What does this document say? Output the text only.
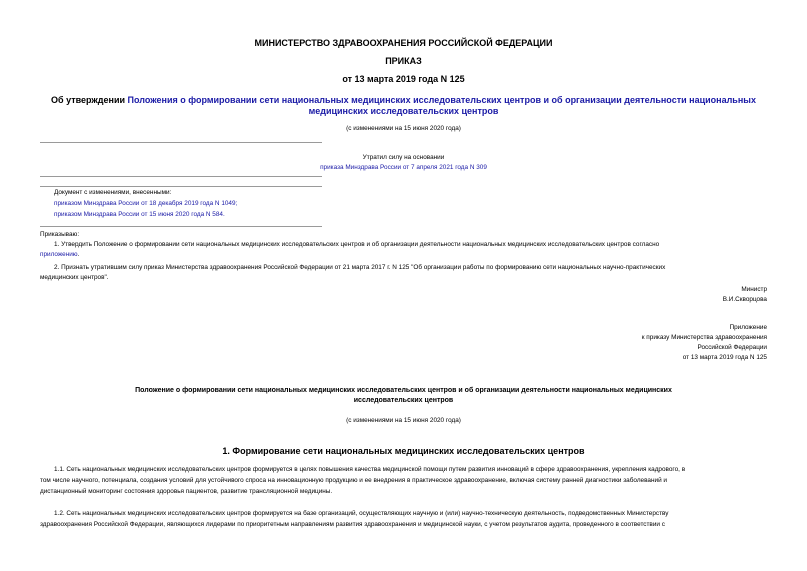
МИНИСТЕРСТВО ЗДРАВООХРАНЕНИЯ РОССИЙСКОЙ ФЕДЕРАЦИИ
ПРИКАЗ
от 13 марта 2019 года N 125
Об утверждении Положения о формировании сети национальных медицинских исследовательских центров и об организации деятельности национальных
медицинских исследовательских центров
(с изменениями на 15 июня 2020 года)
Утратил силу на основании
приказа Минздрава России от 7 апреля 2021 года N 309
Документ с изменениями, внесенными:
приказом Минздрава России от 18 декабря 2019 года N 1049;
приказом Минздрава России от 15 июня 2020 года N 584.
Приказываю:
1. Утвердить Положение о формировании сети национальных медицинских исследовательских центров и об организации деятельности национальных медицинских исследовательских центров согласно
приложению.
2. Признать утратившим силу приказ Министерства здравоохранения Российской Федерации от 21 марта 2017 г. N 125 "Об организации работы по формированию сети национальных научно-практических
медицинских центров".
Министр
В.И.Скворцова
Приложение
к приказу Министерства здравоохранения
Российской Федерации
от 13 марта 2019 года N 125
Положение о формировании сети национальных медицинских исследовательских центров и об организации деятельности национальных медицинских
исследовательских центров
(с изменениями на 15 июня 2020 года)
1. Формирование сети национальных медицинских исследовательских центров
1.1. Сеть национальных медицинских исследовательских центров формируется в целях повышения качества медицинской помощи путем развития инноваций в сфере здравоохранения, укрепления кадрового, в
том числе научного, потенциала, создания условий для устойчивого спроса на инновационную продукцию и ее внедрения в практическое здравоохранение, включая систему ранней диагностики заболеваний и
дистанционный мониторинг состояния здоровья пациентов, развитие трансляционной медицины.
1.2. Сеть национальных медицинских исследовательских центров формируется на базе организаций, осуществляющих научную и (или) научно-техническую деятельность, подведомственных Министерству
здравоохранения Российской Федерации, являющихся лидерами по приоритетным направлениям развития здравоохранения и медицинской науки, с учетом результатов аудита, проведенного в соответствии с
